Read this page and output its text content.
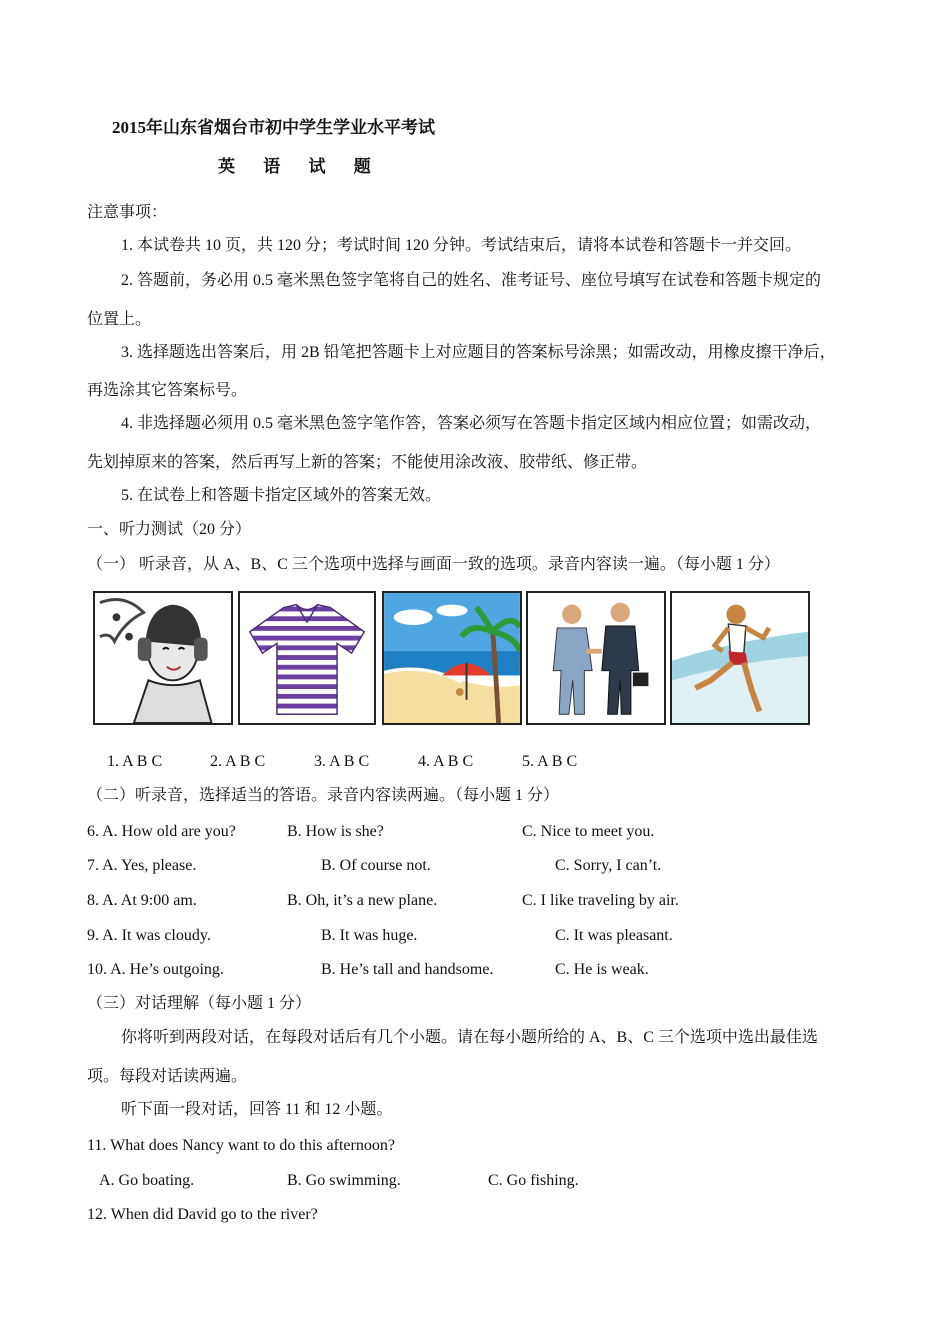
2015年山东省烟台市初中学生学业水平考试
英 语 试 题
注意事项：
1. 本试卷共 10 页，共 120 分；考试时间 120 分钟。考试结束后，请将本试卷和答题卡一并交回。
2. 答题前，务必用 0.5 毫米黑色签字笔将自己的姓名、准考证号、座位号填写在试卷和答题卡规定的
位置上。
3. 选择题选出答案后，用 2B 铅笔把答题卡上对应题目的答案标号涂黑；如需改动，用橡皮擦干净后，
再选涂其它答案标号。
4. 非选择题必须用 0.5 毫米黑色签字笔作答，答案必须写在答题卡指定区域内相应位置；如需改动，
先划掉原来的答案，然后再写上新的答案；不能使用涂改液、胶带纸、修正带。
5. 在试卷上和答题卡指定区域外的答案无效。
一、听力测试（20 分）
（一） 听录音，从 A、B、C 三个选项中选择与画面一致的选项。录音内容读一遍。（每小题 1 分）
1. A B C	2. A B C	3. A B C	4. A B C	5. A B C
（二）听录音，选择适当的答语。录音内容读两遍。（每小题 1 分）
6. A. How old are you?	B. How is she?	C. Nice to meet you.
7. A. Yes, please.	B. Of course not.	C. Sorry, I can’t.
8. A. At 9:00 am.	B. Oh, it’s a new plane.	C. I like traveling by air.
9. A. It was cloudy.	B. It was huge.	C. It was pleasant.
10. A. He’s outgoing.	B. He’s tall and handsome.	C. He is weak.
（三）对话理解（每小题 1 分）
你将听到两段对话，在每段对话后有几个小题。请在每小题所给的 A、B、C 三个选项中选出最佳选
项。每段对话读两遍。
听下面一段对话，回答 11 和 12 小题。
11. What does Nancy want to do this afternoon?
A. Go boating.	B. Go swimming.	C. Go fishing.
12. When did David go to the river?
